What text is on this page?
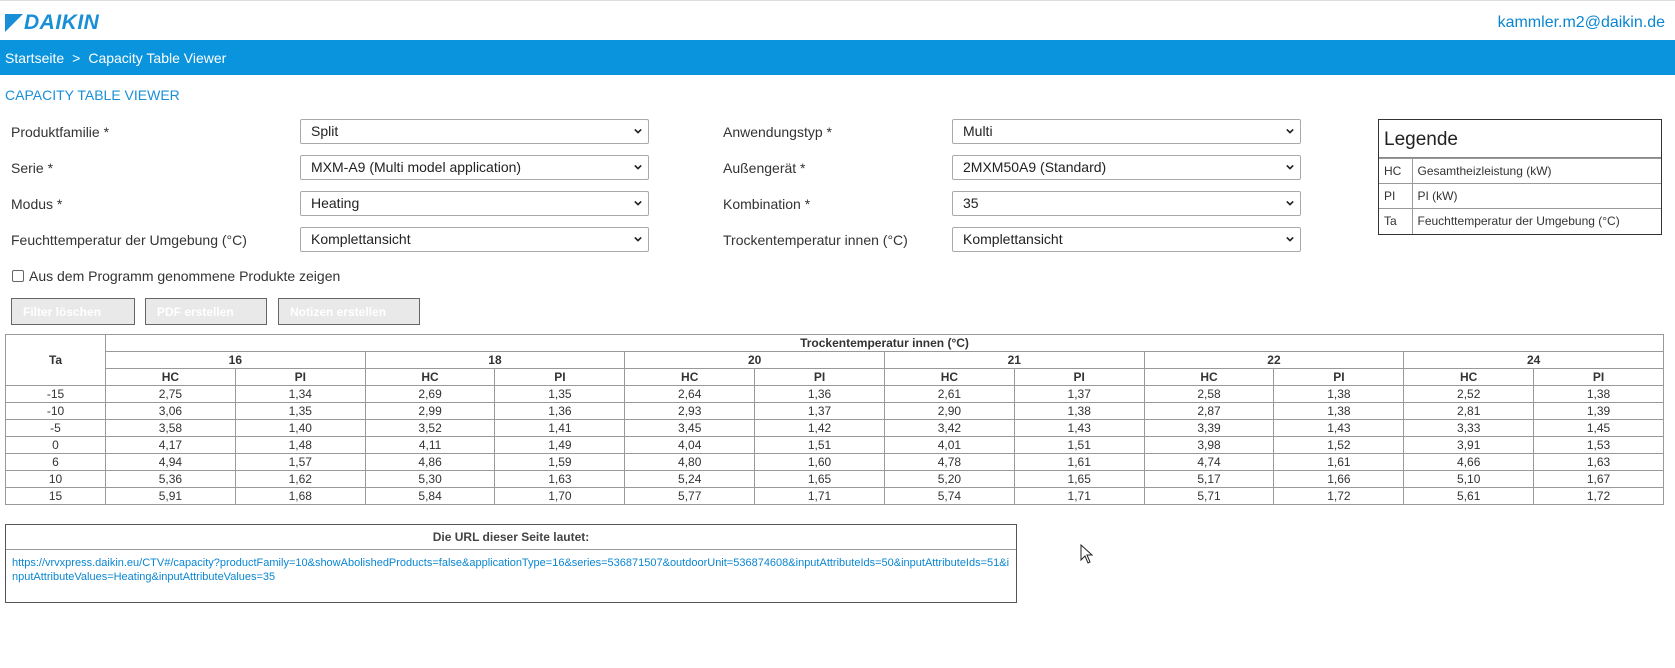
DAIKIN	kammler.m2@daikin.de
Startseite > Capacity Table Viewer
CAPACITY TABLE VIEWER
Produktfamilie *	Split
Serie *	MXM-A9 (Multi model application)
Modus *	Heating
Feuchttemperatur der Umgebung (°C)	Komplettansicht
Anwendungstyp *	Multi
Außengerät *	2MXM50A9 (Standard)
Kombination *	35
Trockentemperatur innen (°C)	Komplettansicht
Legende
HC	Gesamtheizleistung (kW)
PI	PI (kW)
Ta	Feuchttemperatur der Umgebung (°C)
Aus dem Programm genommene Produkte zeigen
Filter löschen	PDF erstellen	Notizen erstellen
Ta	Trockentemperatur innen (°C)											
	16		18		20		21		22		24	
	HC	PI	HC	PI	HC	PI	HC	PI	HC	PI	HC	PI
-15	2,75	1,34	2,69	1,35	2,64	1,36	2,61	1,37	2,58	1,38	2,52	1,38
-10	3,06	1,35	2,99	1,36	2,93	1,37	2,90	1,38	2,87	1,38	2,81	1,39
-5	3,58	1,40	3,52	1,41	3,45	1,42	3,42	1,43	3,39	1,43	3,33	1,45
0	4,17	1,48	4,11	1,49	4,04	1,51	4,01	1,51	3,98	1,52	3,91	1,53
6	4,94	1,57	4,86	1,59	4,80	1,60	4,78	1,61	4,74	1,61	4,66	1,63
10	5,36	1,62	5,30	1,63	5,24	1,65	5,20	1,65	5,17	1,66	5,10	1,67
15	5,91	1,68	5,84	1,70	5,77	1,71	5,74	1,71	5,71	1,72	5,61	1,72
Die URL dieser Seite lautet:
https://vrvxpress.daikin.eu/CTV#/capacity?productFamily=10&showAbolishedProducts=false&applicationType=16&series=536871507&outdoorUnit=536874608&inputAttributeIds=50&inputAttributeIds=51&inputAttributeValues=Heating&inputAttributeValues=35
